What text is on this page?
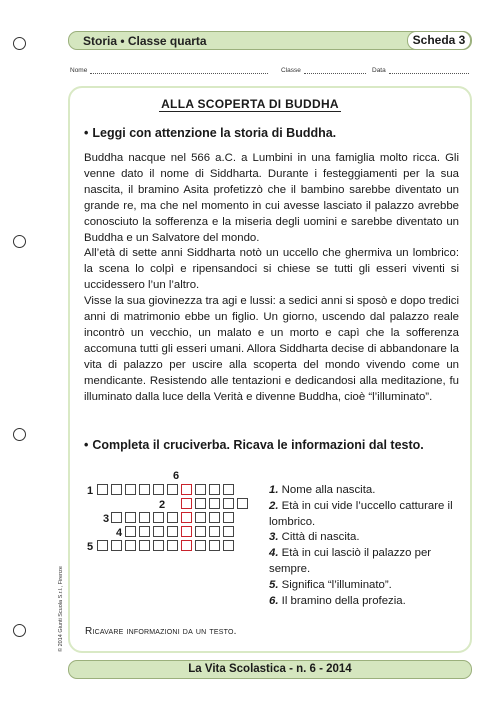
Storia • Classe quarta	Scheda 3
Nome	Classe	Data
ALLA SCOPERTA DI BUDDHA
• Leggi con attenzione la storia di Buddha.

Buddha nacque nel 566 a.C. a Lumbini in una famiglia molto ricca. Gli venne dato il nome di Siddharta. Durante i festeggiamenti per la sua nascita, il bramino Asita profetizzò che il bambino sarebbe diventato un grande re, ma che nel momento in cui avesse lasciato il palazzo avrebbe conosciuto la sofferenza e la miseria degli uomini e sarebbe diventato un Buddha e un Salvatore del mondo.

All’età di sette anni Siddharta notò un uccello che ghermiva un lombrico: la scena lo colpì e ripensandoci si chiese se tutti gli esseri viventi si uccidessero l’un l’altro.

Visse la sua giovinezza tra agi e lussi: a sedici anni si sposò e dopo tredici anni di matrimonio ebbe un figlio. Un giorno, uscendo dal palazzo reale incontrò un vecchio, un malato e un morto e capì che la sofferenza accomuna tutti gli esseri umani. Allora Siddharta decise di abbandonare la vita di palazzo per uscire alla scoperta del mondo vivendo come un mendicante. Resistendo alle tentazioni e dedicandosi alla meditazione, fu illuminato dalla luce della Verità e divenne Buddha, cioè “l’illuminato”.

• Completa il cruciverba. Ricava le informazioni dal testo.
1
2
3
4
5
6
1. Nome alla nascita.
2. Età in cui vide l’uccello catturare il lombrico.
3. Città di nascita.
4. Età in cui lasciò il palazzo per sempre.
5. Significa “l’illuminato”.
6. Il bramino della profezia.
Ricavare informazioni da un testo.
© 2014 Giunti Scuola S.r.l., Firenze
La Vita Scolastica - n. 6 - 2014
